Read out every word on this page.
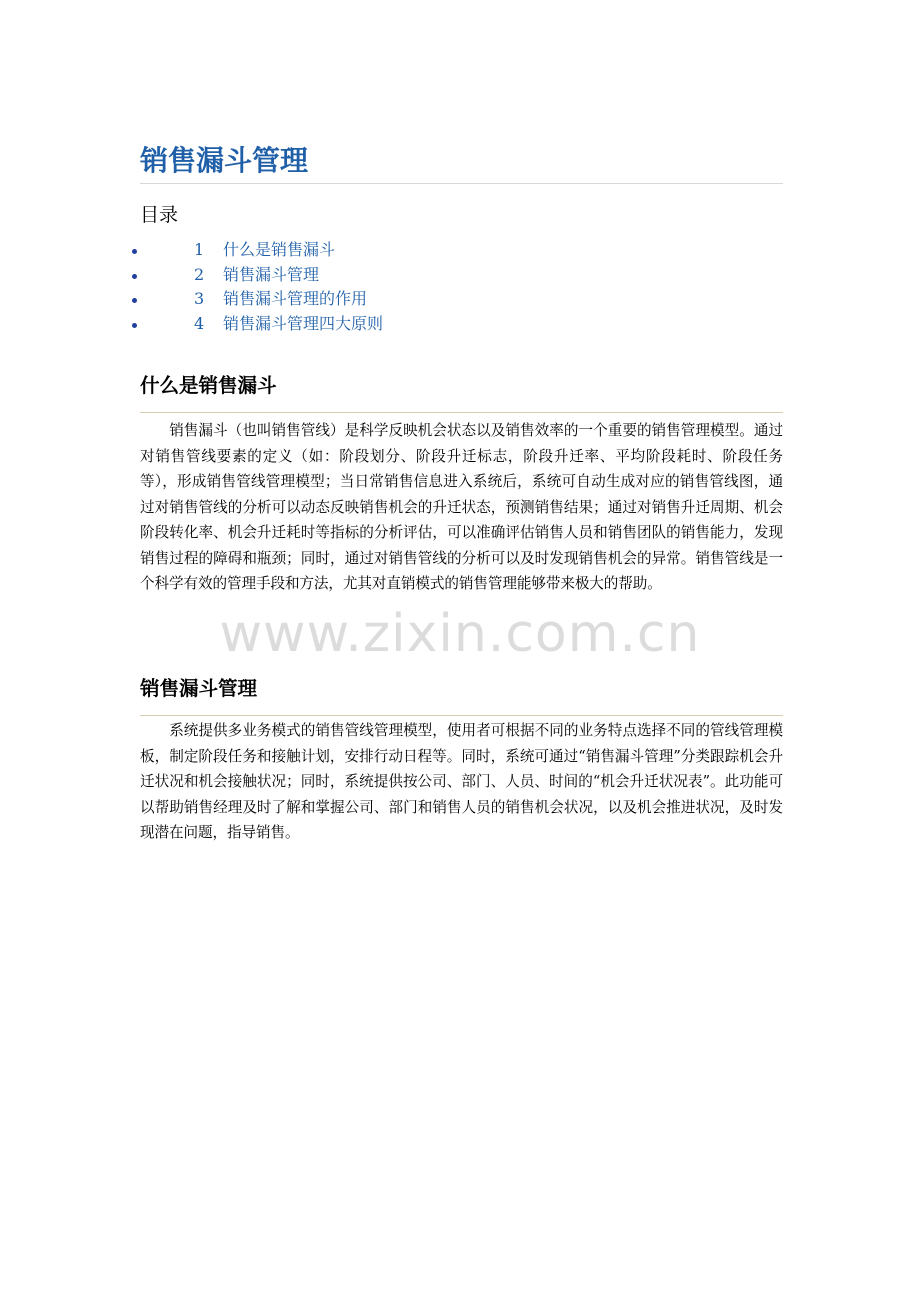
销售漏斗管理
目录
1 什么是销售漏斗
2 销售漏斗管理
3 销售漏斗管理的作用
4 销售漏斗管理四大原则
什么是销售漏斗

销售漏斗（也叫销售管线）是科学反映机会状态以及销售效率的一个重要的销售管理模型。通过对销售管线要素的定义（如：阶段划分、阶段升迁标志，阶段升迁率、平均阶段耗时、阶段任务等），形成销售管线管理模型；当日常销售信息进入系统后，系统可自动生成对应的销售管线图，通过对销售管线的分析可以动态反映销售机会的升迁状态，预测销售结果；通过对销售升迁周期、机会阶段转化率、机会升迁耗时等指标的分析评估，可以准确评估销售人员和销售团队的销售能力，发现销售过程的障碍和瓶颈；同时，通过对销售管线的分析可以及时发现销售机会的异常。销售管线是一个科学有效的管理手段和方法，尤其对直销模式的销售管理能够带来极大的帮助。

销售漏斗管理

系统提供多业务模式的销售管线管理模型，使用者可根据不同的业务特点选择不同的管线管理模板，制定阶段任务和接触计划，安排行动日程等。同时，系统可通过“销售漏斗管理”分类跟踪机会升迁状况和机会接触状况；同时，系统提供按公司、部门、人员、时间的“机会升迁状况表”。此功能可以帮助销售经理及时了解和掌握公司、部门和销售人员的销售机会状况，以及机会推进状况，及时发现潜在问题，指导销售。

www.zixin.com.cn
